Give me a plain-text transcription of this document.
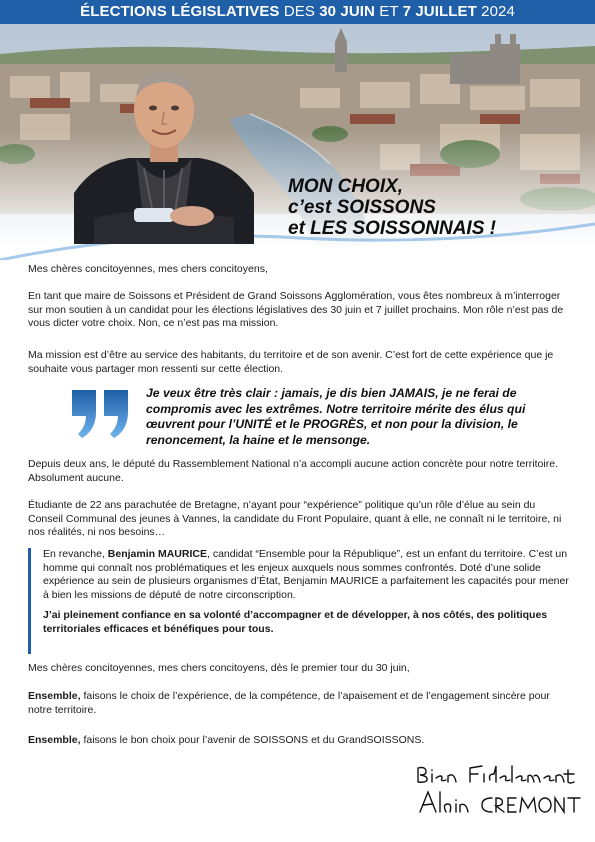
ÉLECTIONS LÉGISLATIVES DES 30 JUIN ET 7 JUILLET 2024
MON CHOIX,
c’est SOISSONS
et LES SOISSONNAIS !

Mes chères concitoyennes, mes chers concitoyens,

En tant que maire de Soissons et Président de Grand Soissons Agglomération, vous êtes nombreux à m’interroger sur mon soutien à un candidat pour les élections législatives des 30 juin et 7 juillet prochains. Mon rôle n’est pas de vous dicter votre choix. Non, ce n’est pas ma mission.

Ma mission est d’être au service des habitants, du territoire et de son avenir. C’est fort de cette expérience que je souhaite vous partager mon ressenti sur cette élection.

Je veux être très clair : jamais, je dis bien JAMAIS, je ne ferai de compromis avec les extrêmes. Notre territoire mérite des élus qui œuvrent pour l’UNITÉ et le PROGRÈS, et non pour la division, le renoncement, la haine et le mensonge.

Depuis deux ans, le député du Rassemblement National n’a accompli aucune action concrète pour notre territoire. Absolument aucune.

Étudiante de 22 ans parachutée de Bretagne, n’ayant pour “expérience” politique qu’un rôle d’élue au sein du Conseil Communal des jeunes à Vannes, la candidate du Front Populaire, quant à elle, ne connaît ni le territoire, ni nos réalités, ni nos besoins…

En revanche, Benjamin MAURICE, candidat “Ensemble pour la République”, est un enfant du territoire. C’est un homme qui connaît nos problématiques et les enjeux auxquels nous sommes confrontés. Doté d’une solide expérience au sein de plusieurs organismes d’État, Benjamin MAURICE a parfaitement les capacités pour mener à bien les missions de député de notre circonscription.

J’ai pleinement confiance en sa volonté d’accompagner et de développer, à nos côtés, des politiques territoriales efficaces et bénéfiques pour tous.

Mes chères concitoyennes, mes chers concitoyens, dès le premier tour du 30 juin,

Ensemble, faisons le choix de l’expérience, de la compétence, de l’apaisement et de l’engagement sincère pour notre territoire.

Ensemble, faisons le bon choix pour l’avenir de SOISSONS et du GrandSOISSONS.
